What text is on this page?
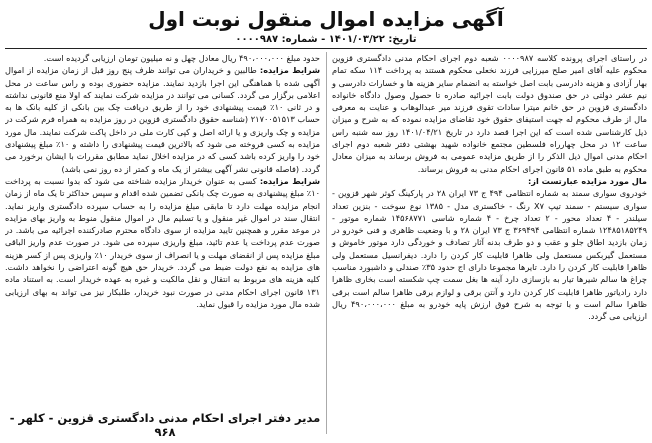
آگهی مزایده اموال منقول نوبت اول
تاریخ: ۱۴۰۱/۰۳/۲۲ - شماره: ۰۰۰۰۹۸۷

در راستای اجرای پرونده کلاسه ۰۰۰۰۹۸۷ شعبه دوم اجرای احکام مدنی دادگستری قزوین محکوم علیه آقای امیر صلح میرزایی فرزند نخعلی محکوم هستند به پرداخت ۱۱۴ سکه تمام بهار آزادی و هزینه دادرسی بابت اصل خواسته به انضمام سایر هزینه ها و خسارات دادرسی و نیم عشر دولتی در حق صندوق دولت بابت اجرائیه صادره تا حصول وصول دادگاه خانواده دادگستری قزوین در حق خانم میترا سادات تقوی فرزند میر عبدالوهاب و عنایت به معرفی مال از طرف محکوم له جهت استیفای حقوق خود تقاضای مزایده نموده که به شرح و میزان ذیل کارشناسی شده است که این اجرا قصد دارد در تاریخ ۱۴۰۱/۰۴/۲۱ روز سه شنبه راس ساعت ۱۲ در محل چهارراه فلسطین مجتمع خانواده شهید بهشتی دفتر شعبه دوم اجرای احکام مدنی اموال ذیل الذکر را از طریق مزایده عمومی به فروش برساند به میزان معادل محکوم به طبق ماده ۵۱ قانون اجرای احکام مدنی به فروش برساند.

مال مورد مزایده عبارتست از:

خودروی سواری سمند به شماره انتظامی ۴۹۴ ج ۷۳ ایران ۲۸ در پارکینگ کوثر شهر قزوین - سواری سیستم - سمند تیپ X۷ رنگ - خاکستری مدل - ۱۳۸۵ نوع سوخت - بنزین تعداد سیلندر - ۴ تعداد محور - ۲ تعداد چرخ - ۴ شماره شاسی ۱۴۵۶۸۷۷۱ شماره موتور - ۱۲۴۸۵۱۸۵۲۴۹ شماره انتظامی ۳۶۹۴۹۴ ج ۷۳ ایران ۲۸ و با وضعیت ظاهری و فنی خودرو در زمان بازدید اطاق جلو و عقب و دو طرف بدنه آثار تصادف و خوردگی دارد موتور خاموش و مستعمل گیربکس مستعمل ولی ظاهرا قابلیت کار کردن را دارد. دیفرانسیل مستعمل ولی ظاهرا قابلیت کار کردن را دارد. تایرها مجموعا دارای اج حدود ۳۵٪ صندلی و داشبورد مناسب چراغ ها سالم شیرها تیار به بازسازی دارد آینه ها بغل سمت چپ شکسته است بخاری ظاهرا دارد رادیاتور ظاهرا قابلیت کار کردن دارد و آنتن برقی و لوازم برقی ظاهرا سالم است برقی ظاهرا سالم است و با توجه به شرح فوق ارزش پایه خودرو به مبلغ ۴۹۰،۰۰۰،۰۰۰ ریال ارزیابی می گردد.

حدود مبلغ ۴۹۰،۰۰۰،۰۰۰ ریال معادل چهل و نه میلیون تومان ارزیابی گردیده است.

شرایط مزایده: طالبین و خریداران می توانند ظرف پنج روز قبل از زمان مزایده از اموال آگهی شده با هماهنگی این اجرا بازدید نمایند. مزایده حضوری بوده و راس ساعت در محل اعلامی برگزار می گردد. کسانی می توانند در مزایده شرکت نمایند که اولا منع قانونی نداشته و در ثانی ۱۰٪ قیمت پیشنهادی خود را از طریق دریافت چک بین بانکی از کلیه بانک ها به حساب ۲۱۷۰۰۵۱۵۱۳ (شناسه حقوق دادگستری قزوین در روز مزایده به همراه فرم شرکت در مزایده و چک واریزی و یا ارائه اصل و کپی کارت ملی در داخل پاکت شرکت نمایند. مال مورد مزایده به کسی فروخته می شود که بالاترین قیمت پیشنهادی را داشته و ۱۰٪ مبلغ پیشنهادی خود را واریز کرده باشد کسی که در مزایده اخلال نماید مطابق مقررات با ایشان برخورد می گردد. (فاصله قانونی نشر آگهی بیشتر از یک ماه و کمتر از ده روز نمی باشد)

شرایط مزایده: کسی به عنوان خریدار مزایده شناخته می شود که بدوا نسبت به پرداخت ۱۰٪ مبلغ پیشنهادی به صورت چک بانکی تضمین شده اقدام و سپس حداکثر تا یک ماه از زمان انجام مزایده مهلت دارد تا مابقی مبلغ مزایده را به حساب سپرده دادگستری واریز نماید. انتقال سند در اموال غیر منقول و یا تسلیم مال در اموال منقول منوط به واریز بهای مزایده در موعد مقرر و همچنین تایید مزایده از سوی دادگاه محترم صادرکننده اجرائیه می باشد. در صورت عدم پرداخت یا عدم تائید، مبلغ واریزی سپرده می شود. در صورت عدم واریز الباقی مبلغ مزایده پس از انقضای مهلت و یا انصراف از سوی خریدار ۱۰٪ واریزی پس از کسر هزینه های مزایده به نفع دولت ضبط می گردد. خریدار حق هیچ گونه اعتراضی را نخواهد داشت. کلیه هزینه های مربوط به انتقال و نقل مالکیت و غیره به عهده خریدار است. به استناد ماده ۱۳۱ قانون اجرای احکام مدنی در صورت نبود خریدار، طلبکار نیز می تواند به بهای ارزیابی شده مال مورد مزایده را قبول نماید.

مدیر دفتر اجرای احکام مدنی دادگستری قزوین - کلهر - ۹۶۸
